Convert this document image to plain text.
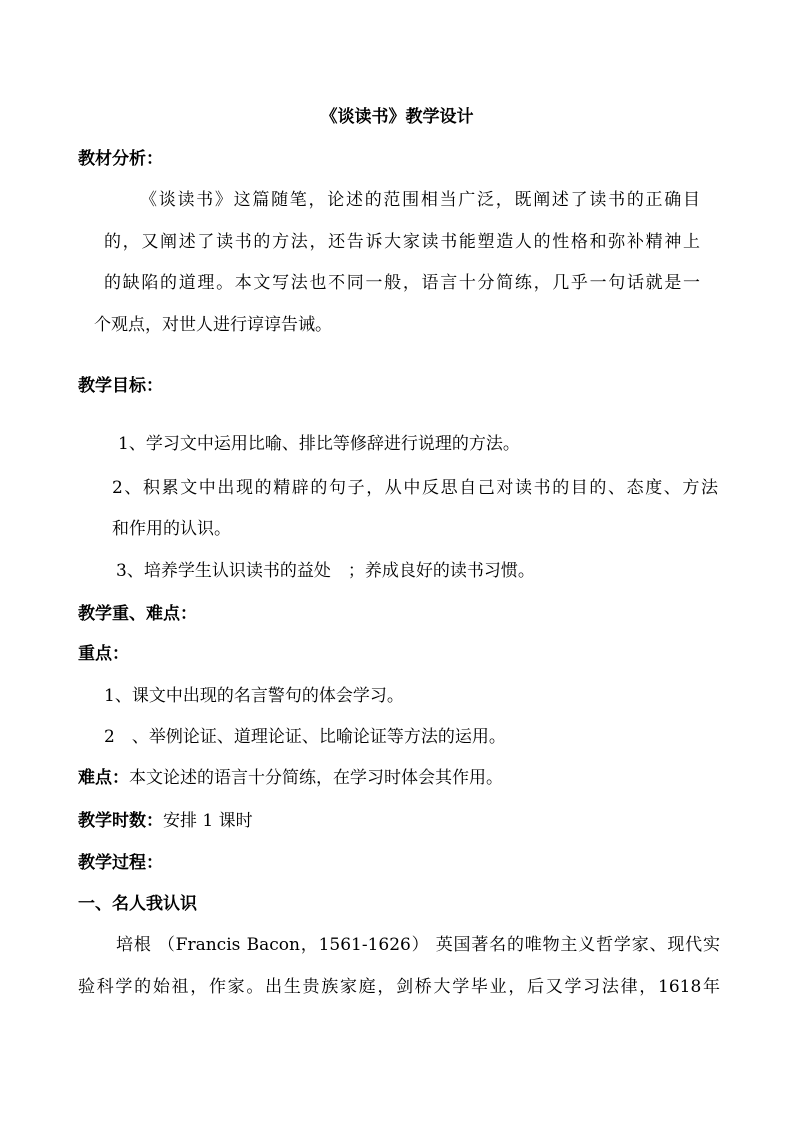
《谈读书》教学设计
教材分析：
《谈读书》这篇随笔，论述的范围相当广泛，既阐述了读书的正确目
的，又阐述了读书的方法，还告诉大家读书能塑造人的性格和弥补精神上
的缺陷的道理。本文写法也不同一般，语言十分简练，几乎一句话就是一
个观点，对世人进行谆谆告诫。
教学目标：
1、学习文中运用比喻、排比等修辞进行说理的方法。
2、积累文中出现的精辟的句子，从中反思自己对读书的目的、态度、方法
和作用的认识。
3、培养学生认识读书的益处　；养成良好的读书习惯。
教学重、难点：
重点：
1、课文中出现的名言警句的体会学习。
2　、举例论证、道理论证、比喻论证等方法的运用。
难点：本文论述的语言十分简练，在学习时体会其作用。
教学时数：安排 1 课时
教学过程：
一、名人我认识
培根 （Francis Bacon，1561-1626） 英国著名的唯物主义哲学家、现代实
验科学的始祖，作家。出生贵族家庭，剑桥大学毕业，后又学习法律，1618年
